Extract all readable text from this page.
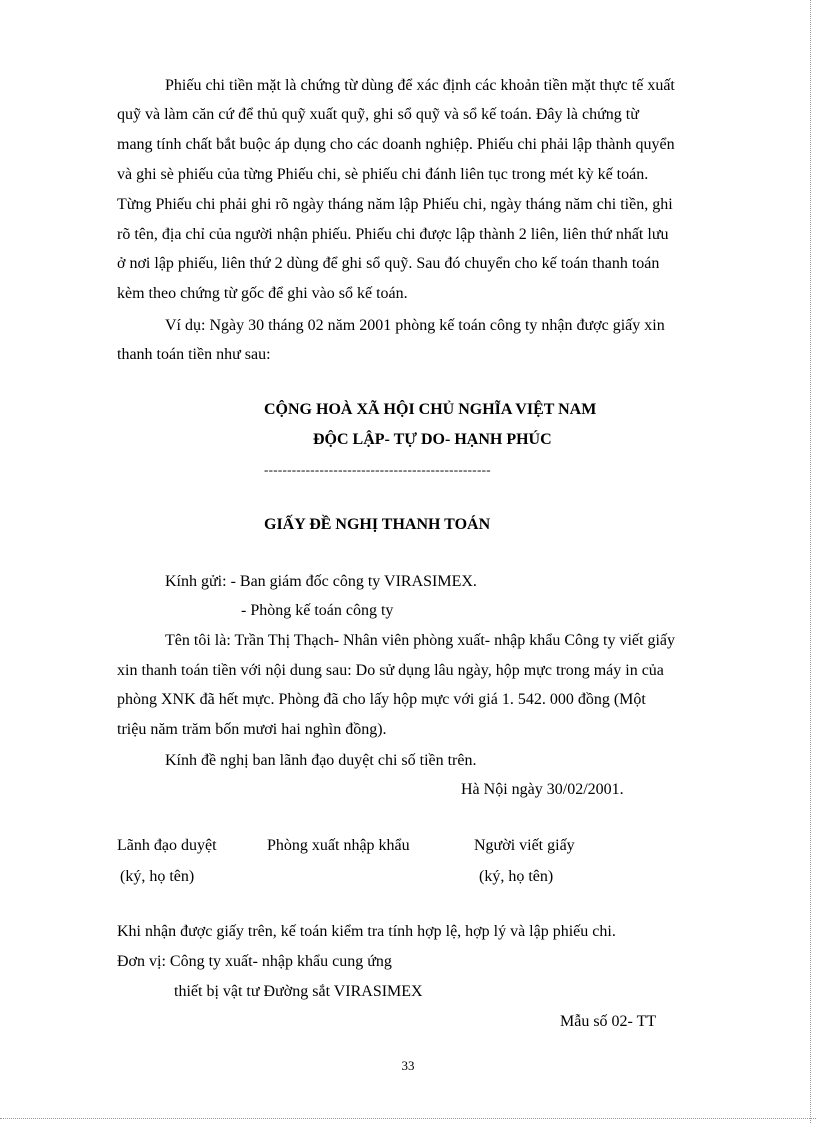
Phiếu chi tiền mặt là chứng từ dùng để xác định các khoản tiền mặt thực tế xuất
quỹ và làm căn cứ để thủ quỹ xuất quỹ, ghi sổ quỹ và sổ kế toán. Đây là chứng từ
mang tính chất bắt buộc áp dụng cho các doanh nghiệp. Phiếu chi phải lập thành quyển
và ghi sè phiếu của từng Phiếu chi, sè phiếu chi đánh liên tục trong mét kỳ kế toán.
Từng Phiếu chi phải ghi rõ ngày tháng năm lập Phiếu chi, ngày tháng năm chi tiền, ghi
rõ tên, địa chỉ của người nhận phiếu. Phiếu chi được lập thành 2 liên, liên thứ nhất lưu
ở nơi lập phiếu, liên thứ 2 dùng để ghi sổ quỹ. Sau đó chuyển cho kế toán thanh toán
kèm theo chứng từ gốc để ghi vào sổ kế toán.
Ví dụ: Ngày 30 tháng 02 năm 2001 phòng kế toán công ty nhận được giấy xin
thanh toán tiền như sau:
CỘNG HOÀ XÃ HỘI CHỦ NGHĨA VIỆT NAM
ĐỘC LẬP- TỰ DO- HẠNH PHÚC
-------------------------------------------------
GIẤY ĐỀ NGHỊ THANH TOÁN
Kính gửi: - Ban giám đốc công ty VIRASIMEX.
- Phòng kế toán công ty
Tên tôi là: Trần Thị Thạch- Nhân viên phòng xuất- nhập khẩu Công ty viết giấy
xin thanh toán tiền với nội dung sau: Do sử dụng lâu ngày, hộp mực trong máy in của
phòng XNK đã hết mực. Phòng đã cho lấy hộp mực với giá 1. 542. 000 đồng (Một
triệu năm trăm bốn mươi hai nghìn đồng).
Kính đề nghị ban lãnh đạo duyệt chi số tiền trên.
Hà Nội ngày 30/02/2001.
Lãnh đạo duyệt
(ký, họ tên)
Phòng xuất nhập khẩu	Người viết giấy
(ký, họ tên)
Khi nhận được giấy trên, kế toán kiểm tra tính hợp lệ, hợp lý và lập phiếu chi.
Đơn vị: Công ty xuất- nhập khẩu cung ứng
thiết bị vật tư Đường sắt VIRASIMEX
Mẫu số 02- TT
33
